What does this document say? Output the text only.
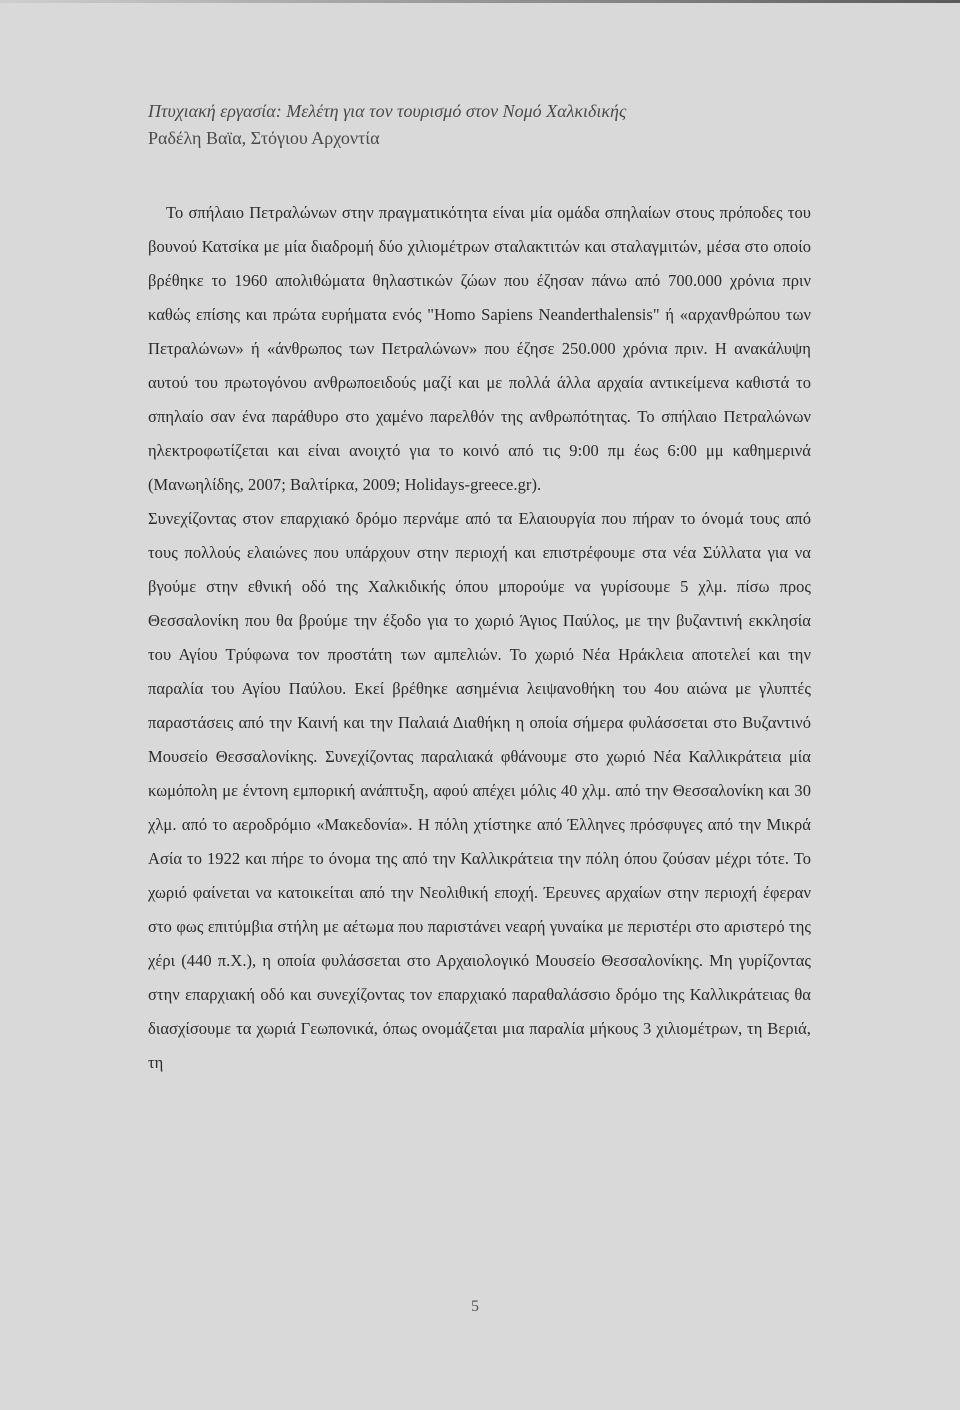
Πτυχιακή εργασία: Μελέτη για τον τουρισμό στον Νομό Χαλκιδικής
Ραδέλη Βαϊα, Στόγιου Αρχοντία

Το σπήλαιο Πετραλώνων στην πραγματικότητα είναι μία ομάδα σπηλαίων στους πρόποδες του βουνού Κατσίκα με μία διαδρομή δύο χιλιομέτρων σταλακτιτών και σταλαγμιτών, μέσα στο οποίο βρέθηκε το 1960 απολιθώματα θηλαστικών ζώων που έζησαν πάνω από 700.000 χρόνια πριν καθώς επίσης και πρώτα ευρήματα ενός "Homo Sapiens Neanderthalensis" ή «αρχανθρώπου των Πετραλώνων» ή «άνθρωπος των Πετραλώνων» που έζησε 250.000 χρόνια πριν. Η ανακάλυψη αυτού του πρωτογόνου ανθρωποειδούς μαζί και με πολλά άλλα αρχαία αντικείμενα καθιστά το σπηλαίο σαν ένα παράθυρο στο χαμένο παρελθόν της ανθρωπότητας. Το σπήλαιο Πετραλώνων ηλεκτροφωτίζεται και είναι ανοιχτό για το κοινό από τις 9:00 πμ έως 6:00 μμ καθημερινά (Μανωηλίδης, 2007; Βαλτίρκα, 2009; Holidays-greece.gr).

Συνεχίζοντας στον επαρχιακό δρόμο περνάμε από τα Ελαιουργία που πήραν το όνομά τους από τους πολλούς ελαιώνες που υπάρχουν στην περιοχή και επιστρέφουμε στα νέα Σύλλατα για να βγούμε στην εθνική οδό της Χαλκιδικής όπου μπορούμε να γυρίσουμε 5 χλμ. πίσω προς Θεσσαλονίκη που θα βρούμε την έξοδο για το χωριό Άγιος Παύλος, με την βυζαντινή εκκλησία του Αγίου Τρύφωνα τον προστάτη των αμπελιών. Το χωριό Νέα Ηράκλεια αποτελεί και την παραλία του Αγίου Παύλου. Εκεί βρέθηκε ασημένια λειψανοθήκη του 4ου αιώνα με γλυπτές παραστάσεις από την Καινή και την Παλαιά Διαθήκη η οποία σήμερα φυλάσσεται στο Βυζαντινό Μουσείο Θεσσαλονίκης. Συνεχίζοντας παραλιακά φθάνουμε στο χωριό Νέα Καλλικράτεια μία κωμόπολη με έντονη εμπορική ανάπτυξη, αφού απέχει μόλις 40 χλμ. από την Θεσσαλονίκη και 30 χλμ. από το αεροδρόμιο «Μακεδονία». Η πόλη χτίστηκε από Έλληνες πρόσφυγες από την Μικρά Ασία το 1922 και πήρε το όνομα της από την Καλλικράτεια την πόλη όπου ζούσαν μέχρι τότε. Το χωριό φαίνεται να κατοικείται από την Νεολιθική εποχή. Έρευνες αρχαίων στην περιοχή έφεραν στο φως επιτύμβια στήλη με αέτωμα που παριστάνει νεαρή γυναίκα με περιστέρι στο αριστερό της χέρι (440 π.Χ.), η οποία φυλάσσεται στο Αρχαιολογικό Μουσείο Θεσσαλονίκης. Μη γυρίζοντας στην επαρχιακή οδό και συνεχίζοντας τον επαρχιακό παραθαλάσσιο δρόμο της Καλλικράτειας θα διασχίσουμε τα χωριά Γεωπονικά, όπως ονομάζεται μια παραλία μήκους 3 χιλιομέτρων, τη Βεριά, τη

5
